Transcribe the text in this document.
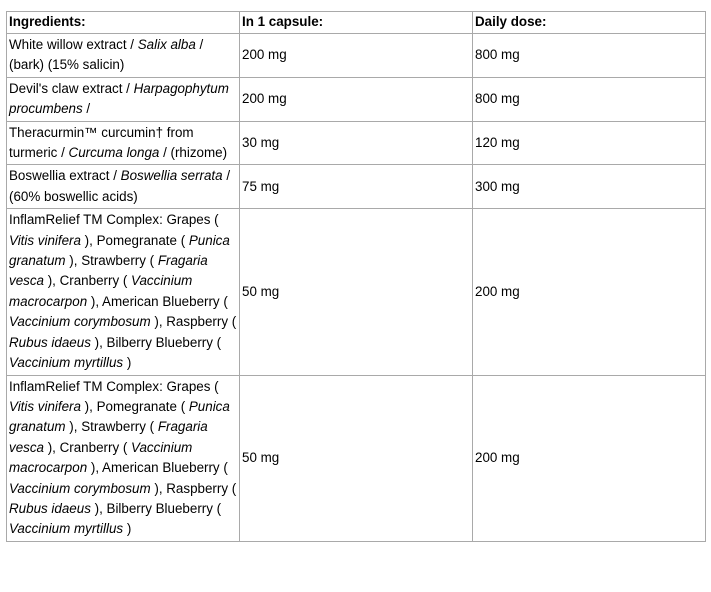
Ingredients:	In 1 capsule:	Daily dose:
White willow extract / Salix alba / (bark) (15% salicin)	200 mg	800 mg
Devil's claw extract / Harpagophytum procumbens /	200 mg	800 mg
Theracurmin™ curcumin† from turmeric / Curcuma longa / (rhizome)	30 mg	120 mg
Boswellia extract / Boswellia serrata / (60% boswellic acids)	75 mg	300 mg
InflamRelief TM Complex: Grapes ( Vitis vinifera ), Pomegranate ( Punica granatum ), Strawberry ( Fragaria vesca ), Cranberry ( Vaccinium macrocarpon ), American Blueberry ( Vaccinium corymbosum ), Raspberry ( Rubus idaeus ), Bilberry Blueberry ( Vaccinium myrtillus )	50 mg	200 mg
InflamRelief TM Complex: Grapes ( Vitis vinifera ), Pomegranate ( Punica granatum ), Strawberry ( Fragaria vesca ), Cranberry ( Vaccinium macrocarpon ), American Blueberry ( Vaccinium corymbosum ), Raspberry ( Rubus idaeus ), Bilberry Blueberry ( Vaccinium myrtillus )	50 mg	200 mg
